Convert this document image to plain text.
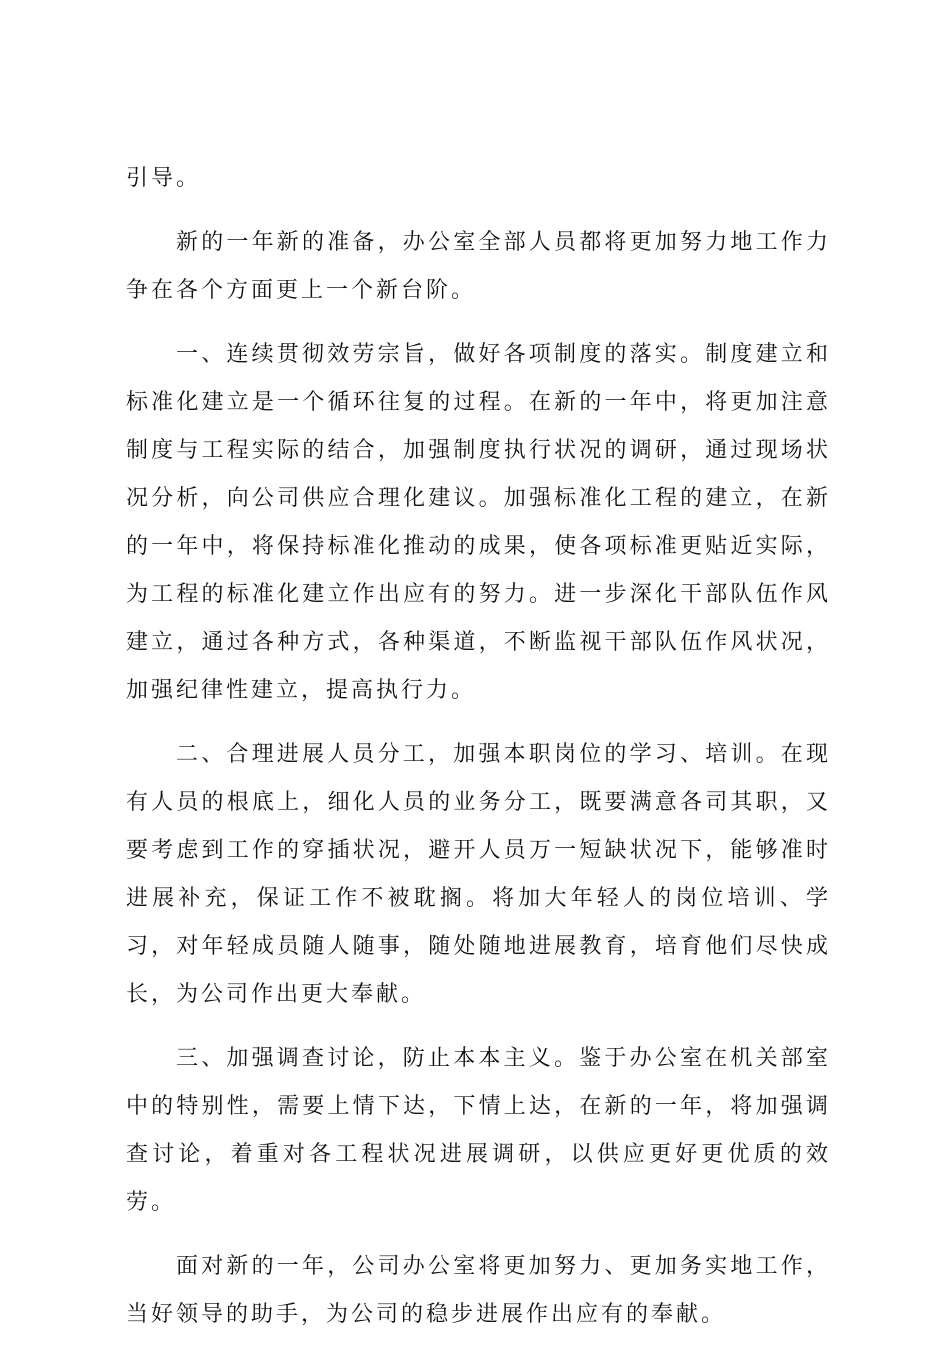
引导。

新的一年新的准备，办公室全部人员都将更加努力地工作力争在各个方面更上一个新台阶。

一、连续贯彻效劳宗旨，做好各项制度的落实。制度建立和标准化建立是一个循环往复的过程。在新的一年中，将更加注意制度与工程实际的结合，加强制度执行状况的调研，通过现场状况分析，向公司供应合理化建议。加强标准化工程的建立，在新的一年中，将保持标准化推动的成果，使各项标准更贴近实际，为工程的标准化建立作出应有的努力。进一步深化干部队伍作风建立，通过各种方式，各种渠道，不断监视干部队伍作风状况，加强纪律性建立，提高执行力。

二、合理进展人员分工，加强本职岗位的学习、培训。在现有人员的根底上，细化人员的业务分工，既要满意各司其职，又要考虑到工作的穿插状况，避开人员万一短缺状况下，能够准时进展补充，保证工作不被耽搁。将加大年轻人的岗位培训、学习，对年轻成员随人随事，随处随地进展教育，培育他们尽快成长，为公司作出更大奉献。

三、加强调查讨论，防止本本主义。鉴于办公室在机关部室中的特别性，需要上情下达，下情上达，在新的一年，将加强调查讨论，着重对各工程状况进展调研，以供应更好更优质的效劳。

面对新的一年，公司办公室将更加努力、更加务实地工作，当好领导的助手，为公司的稳步进展作出应有的奉献。
